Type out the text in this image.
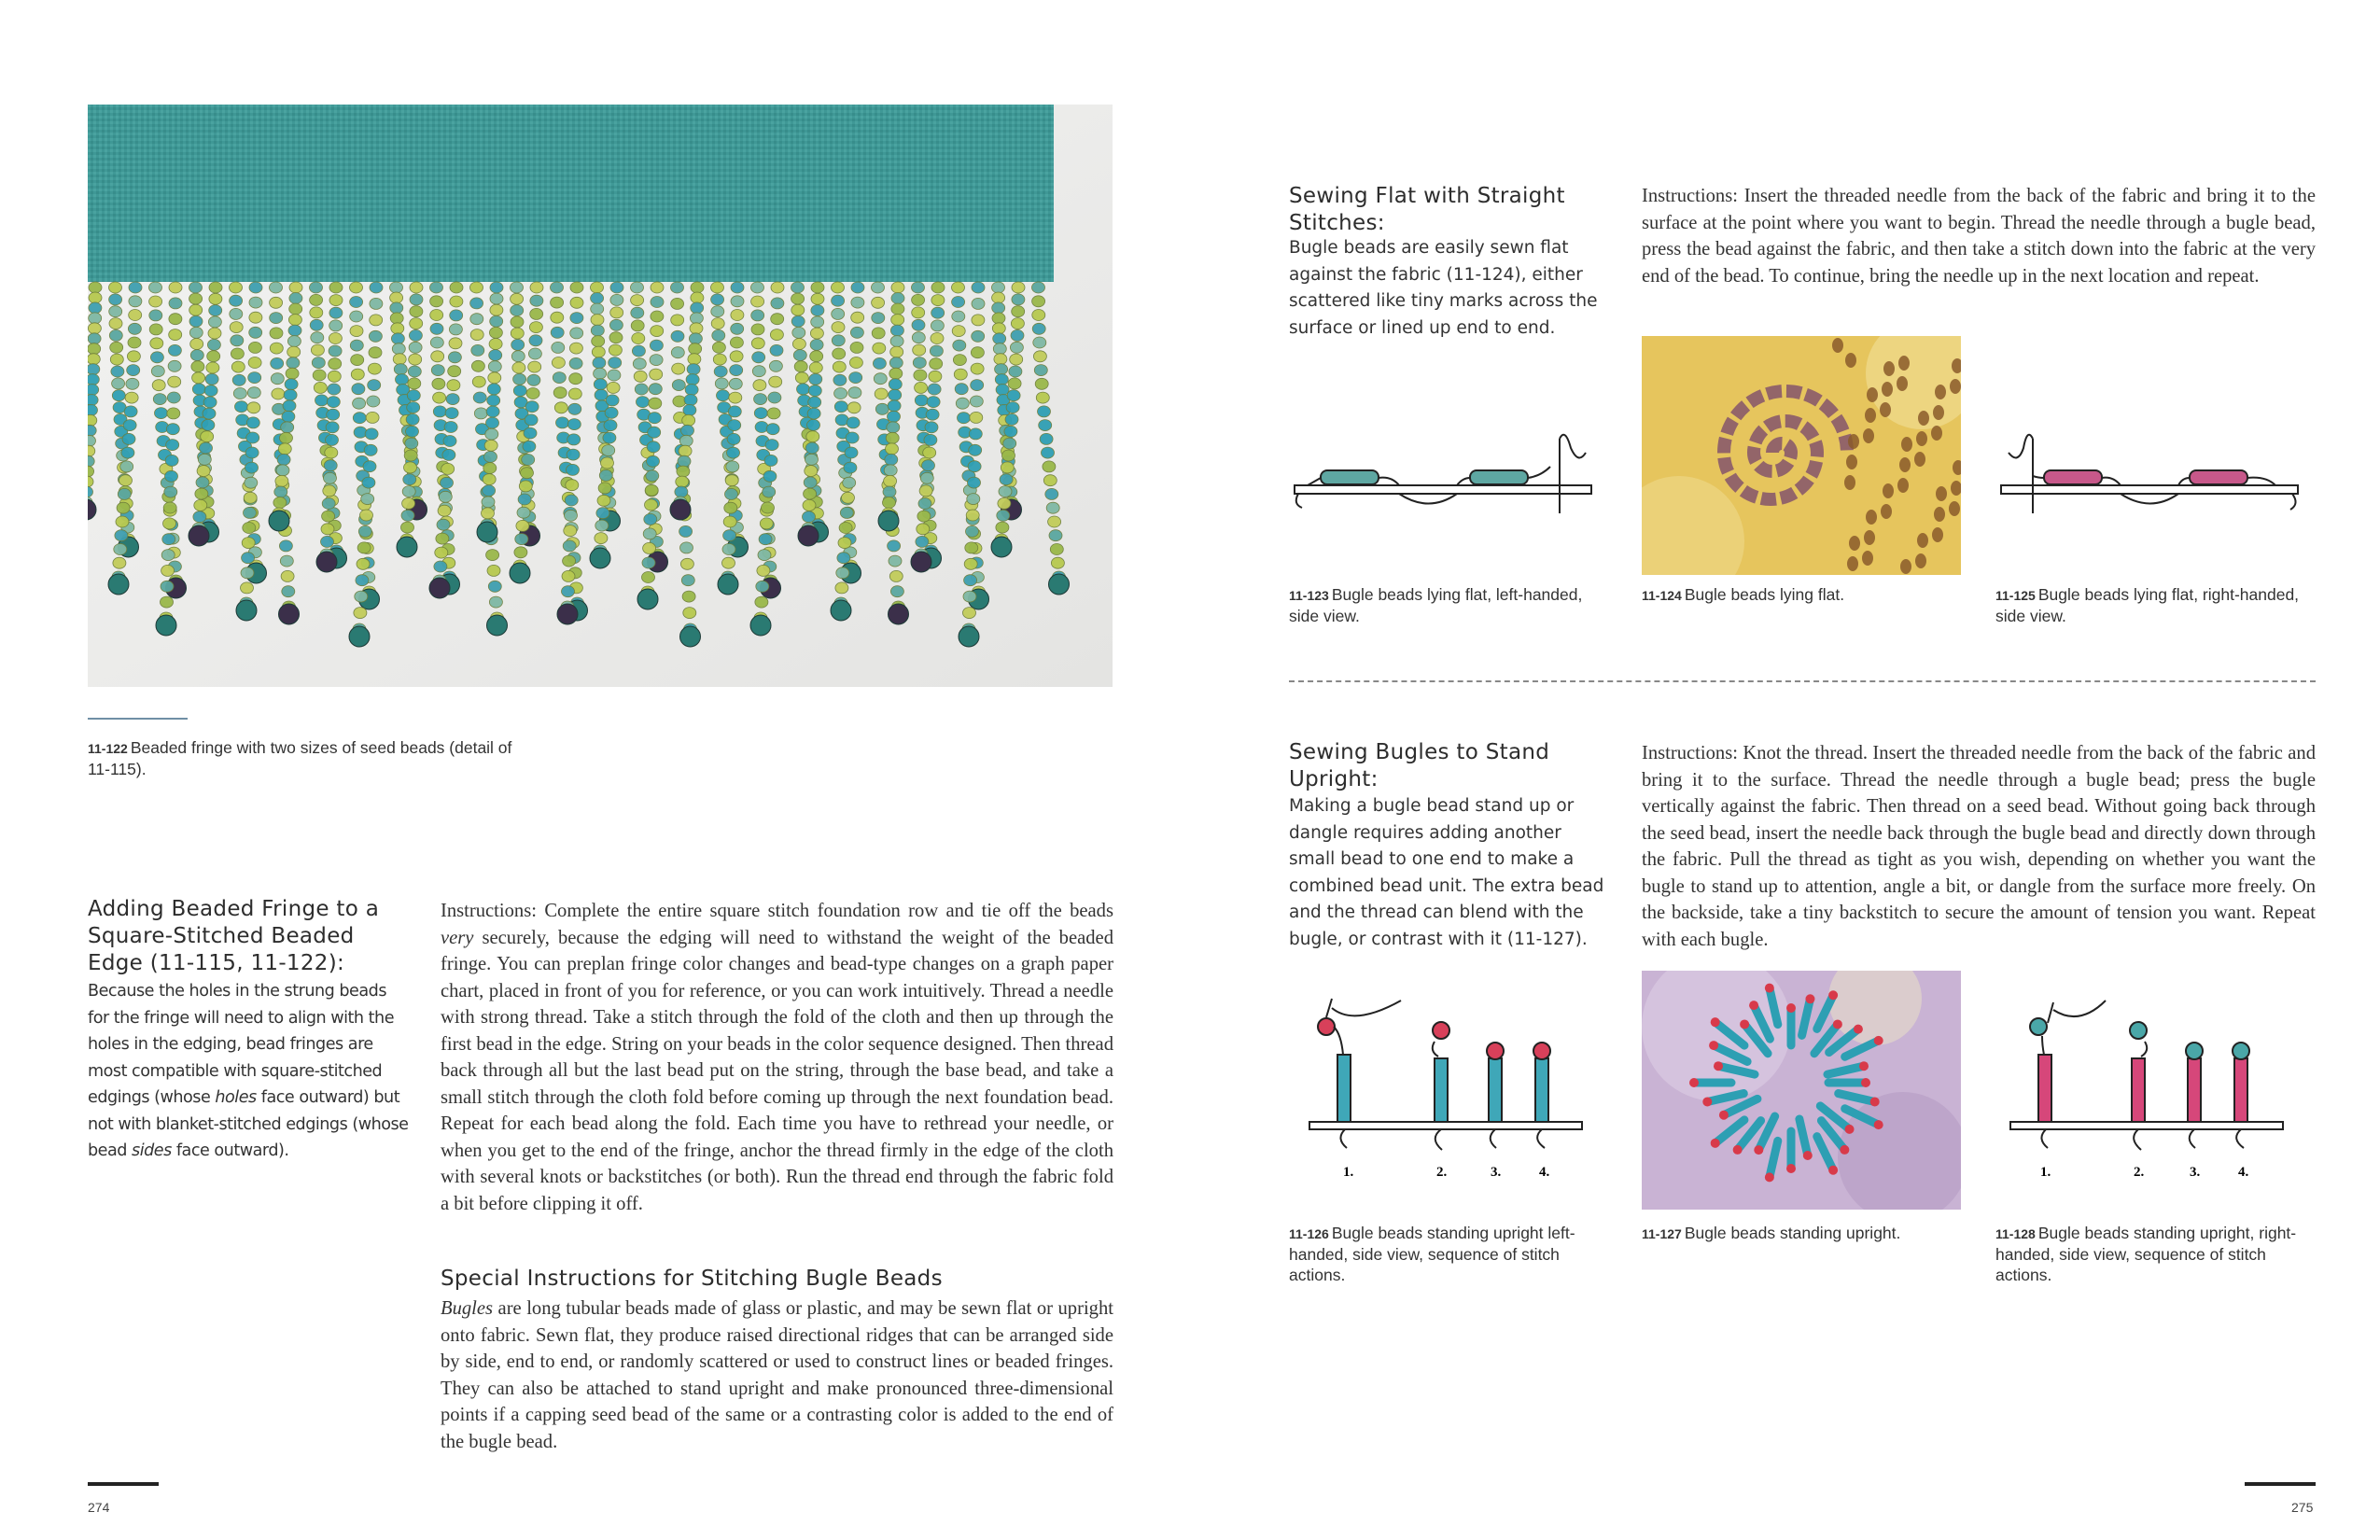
11-122 Beaded fringe with two sizes of seed beads (detail of 11-115).
Adding Beaded Fringe to a Square-Stitched Beaded Edge (11-115, 11-122):
Because the holes in the strung beads for the fringe will need to align with the holes in the edging, bead fringes are most compatible with square-stitched edgings (whose holes face outward) but not with blanket-stitched edgings (whose bead sides face outward).
Instructions: Complete the entire square stitch foundation row and tie off the beads very securely, because the edging will need to withstand the weight of the beaded fringe. You can preplan fringe color changes and bead-type changes on a graph paper chart, placed in front of you for reference, or you can work intuitively. Thread a needle with strong thread. Take a stitch through the fold of the cloth and then up through the first bead in the edge. String on your beads in the color sequence designed. Then thread back through all but the last bead put on the string, through the base bead, and take a small stitch through the cloth fold before coming up through the next foundation bead. Repeat for each bead along the fold. Each time you have to rethread your needle, or when you get to the end of the fringe, anchor the thread firmly in the edge of the cloth with several knots or backstitches (or both). Run the thread end through the fabric fold a bit before clipping it off.
Special Instructions for Stitching Bugle Beads
Bugles are long tubular beads made of glass or plastic, and may be sewn flat or upright onto fabric. Sewn flat, they produce raised directional ridges that can be arranged side by side, end to end, or randomly scattered or used to construct lines or beaded fringes. They can also be attached to stand upright and make pronounced three-dimensional points if a capping seed bead of the same or a contrasting color is added to the end of the bugle bead.
274
Sewing Flat with Straight Stitches:
Bugle beads are easily sewn flat against the fabric (11-124), either scattered like tiny marks across the surface or lined up end to end.
Instructions: Insert the threaded needle from the back of the fabric and bring it to the surface at the point where you want to begin. Thread the needle through a bugle bead, press the bead against the fabric, and then take a stitch down into the fabric at the very end of the bead. To continue, bring the needle up in the next location and repeat.
11-123 Bugle beads lying flat, left-handed, side view.
11-124 Bugle beads lying flat.	11-125 Bugle beads lying flat, right-handed, side view.
Sewing Bugles to Stand Upright:
Making a bugle bead stand up or dangle requires adding another small bead to one end to make a combined bead unit. The extra bead and the thread can blend with the bugle, or contrast with it (11-127).
Instructions: Knot the thread. Insert the threaded needle from the back of the fabric and bring it to the surface. Thread the needle through a bugle bead; press the bugle vertically against the fabric. Then thread on a seed bead. Without going back through the seed bead, insert the needle back through the bugle bead and directly down through the fabric. Pull the thread as tight as you wish, depending on whether you want the bugle to stand up to attention, angle a bit, or dangle from the surface more freely. On the backside, take a tiny backstitch to secure the amount of tension you want. Repeat with each bugle.
1.	2.	3.	4.	1.	2.	3.	4.
11-126 Bugle beads standing upright left-handed, side view, sequence of stitch actions.
11-127 Bugle beads standing upright.	11-128 Bugle beads standing upright, right-handed, side view, sequence of stitch actions.
275
